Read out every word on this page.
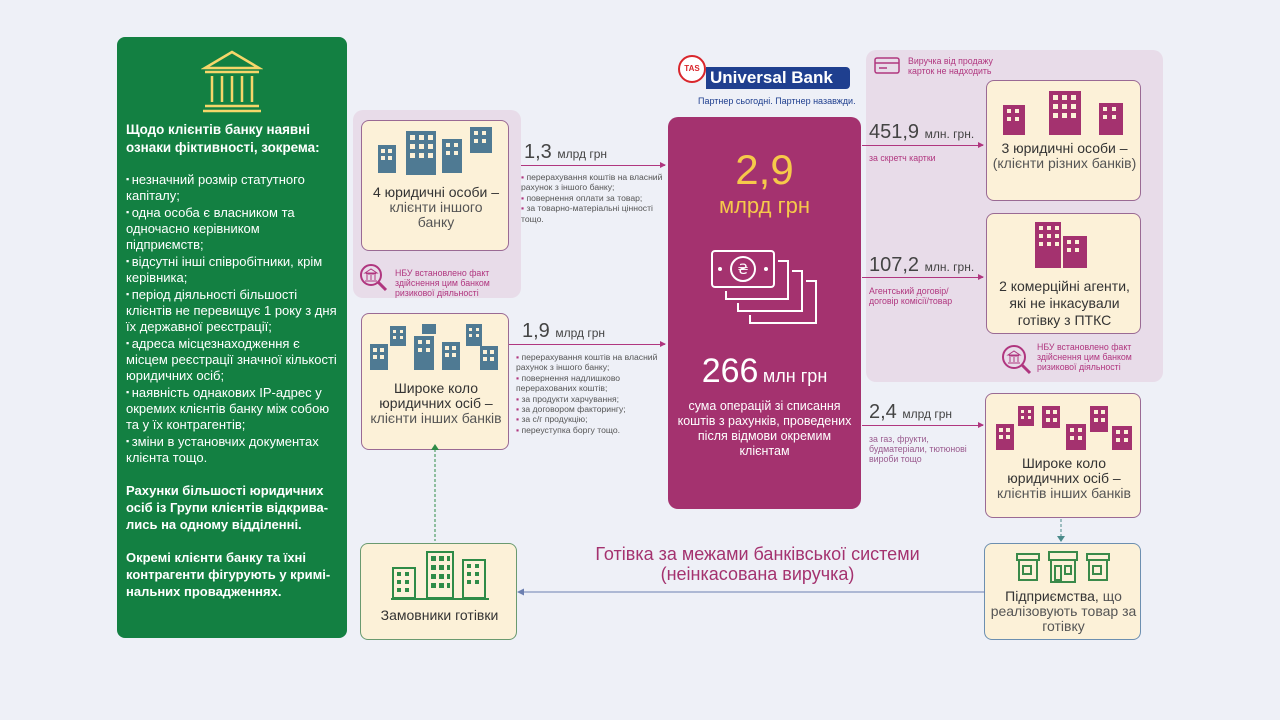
Щодо клієнтів банку наявні ознаки фіктивності, зокрема:
▪ незначний розмір статутного капіталу;
▪ одна особа є власником та одночасно керівником підприємств;
▪ відсутні інші співробітники, крім керівника;
▪ період діяльності більшості клієнтів не перевищує 1 року з дня їх державної реєстрації;
▪ адреса місцезнаходження є місцем реєстрації значної кількості юридичних осіб;
▪ наявність однакових IP-адрес у окремих клієнтів банку між собою та у їх контрагентів;
▪ зміни в установчих документах клієнта тощо.
Рахунки більшості юридичних осіб із Групи клієнтів відкрива-лись на одному відділенні.
Окремі клієнти банку та їхні контрагенти фігурують у кримі-нальних провадженнях.
TAS Universal Bank
Партнер сьогодні. Партнер назавжди.
4 юридичні особи –
клієнти іншого банку
НБУ встановлено факт здійснення цим банком ризикової діяльності
1,3 млрд грн
▪ перерахування коштів на власний рахунок з іншого банку;
▪ повернення оплати за товар;
▪ за товарно-матеріальні цінності тощо.
Широке коло юридичних осіб –
клієнти інших банків
1,9 млрд грн
▪ перерахування коштів на власний рахунок з іншого банку;
▪ повернення надлишково перерахованих коштів;
▪ за продукти харчування;
▪ за договором факторингу;
▪ за с/г продукцію;
▪ переуступка боргу тощо.
2,9
млрд грн
₴
266 млн грн
сума операцій зі списання коштів з рахунків, проведених після відмови окремим клієнтам
Виручка від продажу карток не надходить
451,9 млн. грн.
за скретч картки
3 юридичні особи –
(клієнти різних банків)
107,2 млн. грн.
Агентський договір/ договір комісії/товар
2 комерційні агенти, які не інкасували готівку з ПТКС
НБУ встановлено факт здійснення цим банком ризикової діяльності
2,4 млрд грн
за газ, фрукти, будматеріали, тютюнові вироби тощо	Широке коло юридичних осіб –
клієнтів інших банків
Підприємства, що реалізовують товар за готівку
Готівка за межами банківської системи (неінкасована виручка)
Замовники готівки
